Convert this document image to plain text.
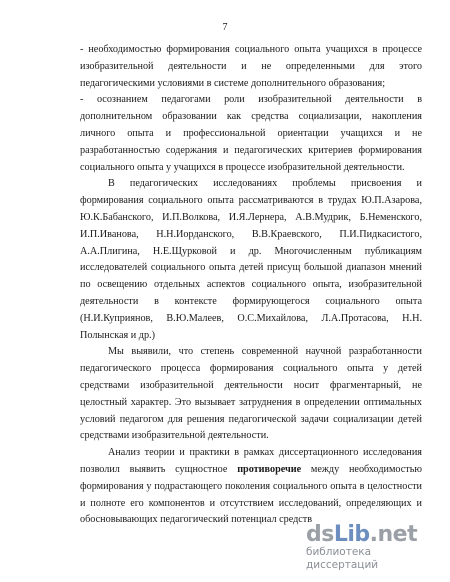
7

- необходимостью формирования социального опыта учащихся в процессе изобразительной деятельности и не определенными для этого педагогическими условиями в системе дополнительного образования;

- осознанием педагогами роли изобразительной деятельности в дополнительном образовании как средства социализации, накопления личного опыта и профессиональной ориентации учащихся и не разработанностью содержания и педагогических критериев формирования социального опыта у учащихся в процессе изобразительной деятельности.

В педагогических исследованиях проблемы присвоения и формирования социального опыта рассматриваются в трудах Ю.П.Азарова, Ю.К.Бабанского, И.П.Волкова, И.Я.Лернера, А.В.Мудрик, Б.Неменского, И.П.Иванова, Н.Н.Иорданского, В.В.Краевского, П.И.Пидкасистого, А.А.Плигина, Н.Е.Щурковой и др. Многочисленным публикациям исследователей социального опыта детей присущ большой диапазон мнений по освещению отдельных аспектов социального опыта, изобразительной деятельности в контексте формирующегося социального опыта (Н.И.Куприянов, В.Ю.Малеев, О.С.Михайлова, Л.А.Протасова, Н.Н. Полынская и др.)

Мы выявили, что степень современной научной разработанности педагогического процесса формирования социального опыта у детей средствами изобразительной деятельности носит фрагментарный, не целостный характер. Это вызывает затруднения в определении оптимальных условий педагогом для решения педагогической задачи социализации детей средствами изобразительной деятельности.

Анализ теории и практики в рамках диссертационного исследования позволил выявить сущностное противоречие между необходимостью формирования у подрастающего поколения социального опыта в целостности и полноте его компонентов и отсутствием исследований, определяющих и обосновывающих педагогический потенциал средств

dsLib.net
библиотека диссертаций
